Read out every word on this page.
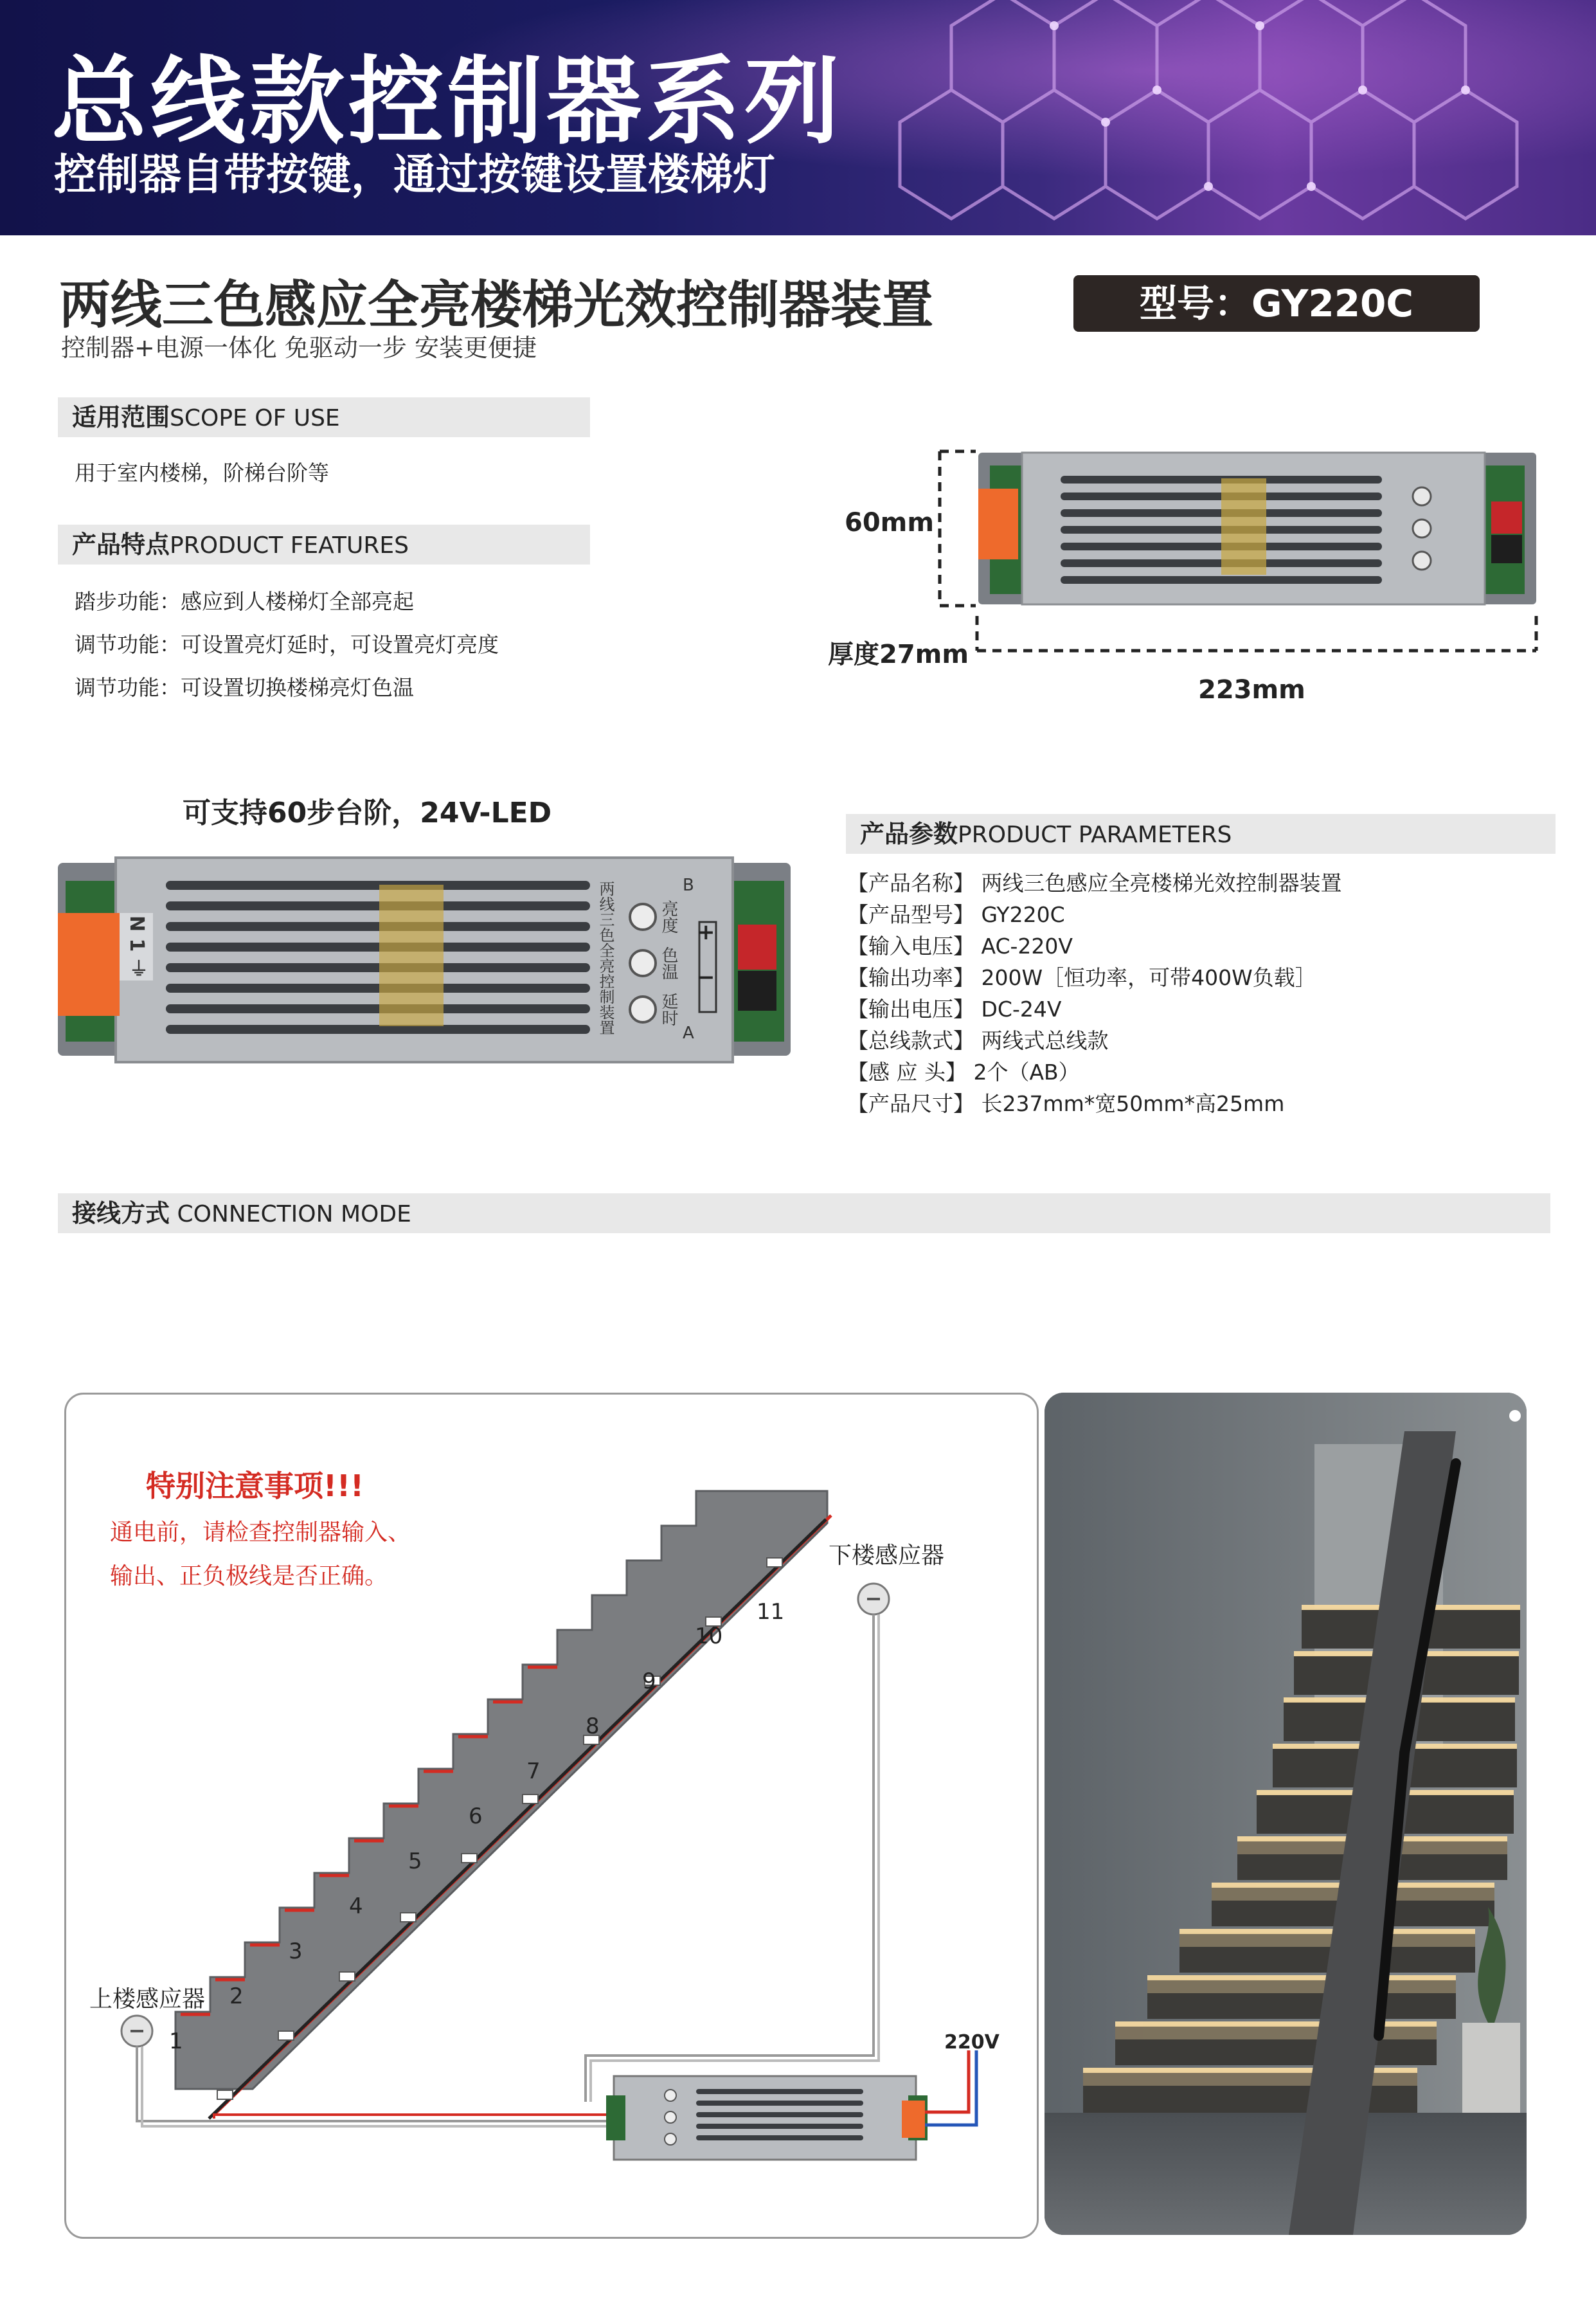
总线款控制器系列
控制器自带按键，通过按键设置楼梯灯
两线三色感应全亮楼梯光效控制器装置
控制器+电源一体化 免驱动一步 安装更便捷
型号：GY220C
适用范围SCOPE OF USE
用于室内楼梯，阶梯台阶等
产品特点PRODUCT FEATURES
踏步功能：感应到人楼梯灯全部亮起
调节功能：可设置亮灯延时，可设置亮灯亮度
调节功能：可设置切换楼梯亮灯色温
60mm
厚度27mm
223mm
可支持60步台阶，24V-LED
+
−
两线三色全亮控制装置	亮度
色温
延时
B
A
N 1 ⏚
产品参数PRODUCT PARAMETERS
【产品名称】 两线三色感应全亮楼梯光效控制器装置
【产品型号】 GY220C
【输入电压】 AC-220V
【输出功率】 200W［恒功率，可带400W负载］
【输出电压】 DC-24V
【总线款式】 两线式总线款
【感 应 头】 2个（AB）
【产品尺寸】 长237mm*宽50mm*高25mm
接线方式 CONNECTION MODE
特别注意事项!!!
通电前，请检查控制器输入、
输出、正负极线是否正确。
上楼感应器
下楼感应器
220V
1
2
3
4
5
6
7
8
9
10
11
